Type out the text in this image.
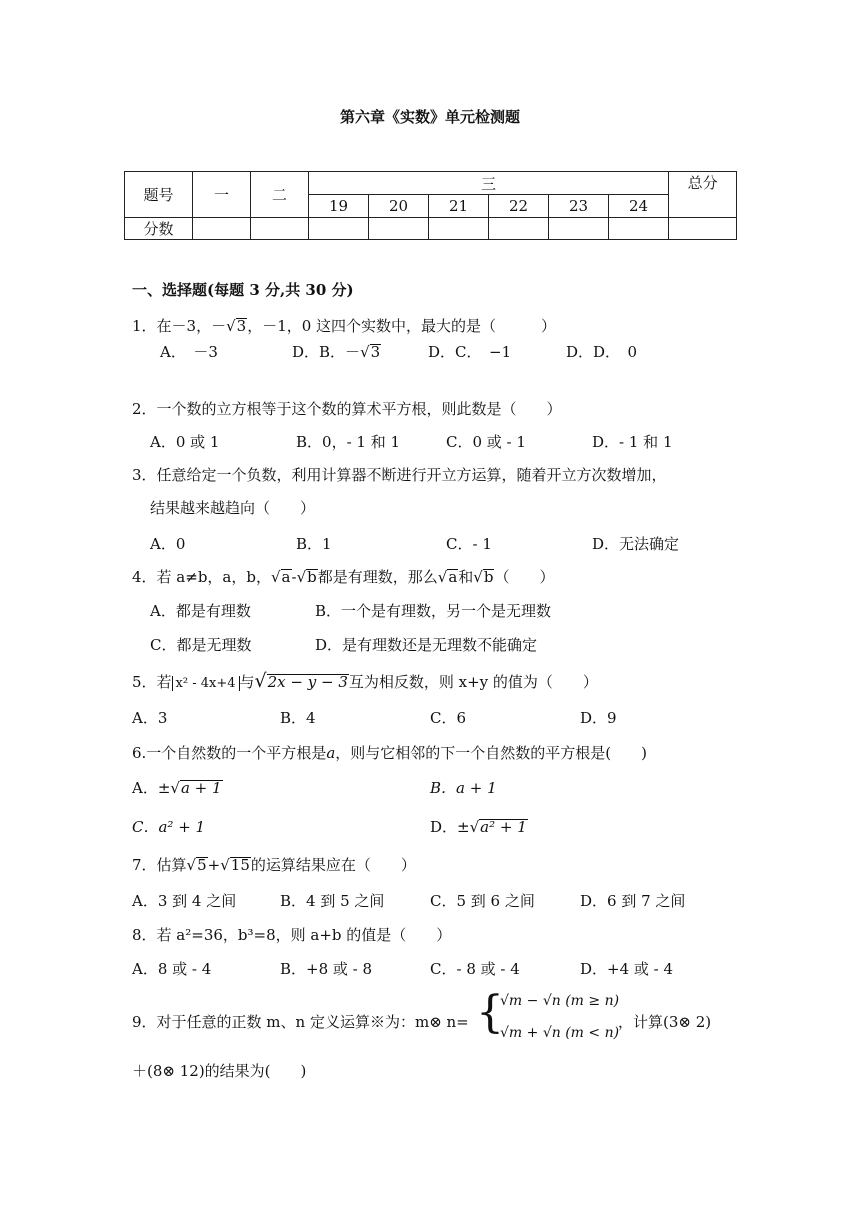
第六章《实数》单元检测题
题号	一	二	三						总分
			19	20	21	22	23	24	
分数									
一、选择题(每题 3 分,共 30 分)
1．在－3，－√3，－1，0 这四个实数中，最大的是（　　　）
A．　－3	D．B．－√3	D．C．　−1	D．D．　0
2．一个数的立方根等于这个数的算术平方根，则此数是（　　）
A．0 或 1	B．0，- 1 和 1	C．0 或 - 1	D．- 1 和 1
3．任意给定一个负数，利用计算器不断进行开立方运算，随着开立方次数增加，
结果越来越趋向（　　）
A．0	B．1	C．- 1	D．无法确定
4．若 a≠b，a，b，√a-√b都是有理数，那么√a和√b（　　）
A．都是有理数	B．一个是有理数，另一个是无理数
C．都是无理数	D．是有理数还是无理数不能确定
5．若 x² - 4x+4 与√2x − y − 3互为相反数，则 x+y 的值为（　　）
A．3	B．4	C．6	D．9
6.一个自然数的一个平方根是a，则与它相邻的下一个自然数的平方根是(　　)
A．±√a + 1	B．a + 1
C．a² + 1	D．±√a² + 1
7．估算√5+√15的运算结果应在（　　）
A．3 到 4 之间	B．4 到 5 之间	C．5 到 6 之间	D．6 到 7 之间
8．若 a²=36，b³=8，则 a+b 的值是（　　）
A．8 或 - 4	B．+8 或 - 8	C．- 8 或 - 4	D．+4 或 - 4
9．对于任意的正数 m、n 定义运算※为：m⊗ n= {
√m − √n (m ≥ n)
√m + √n (m < n)
，计算(3⊗ 2)
＋(8⊗ 12)的结果为(　　)
